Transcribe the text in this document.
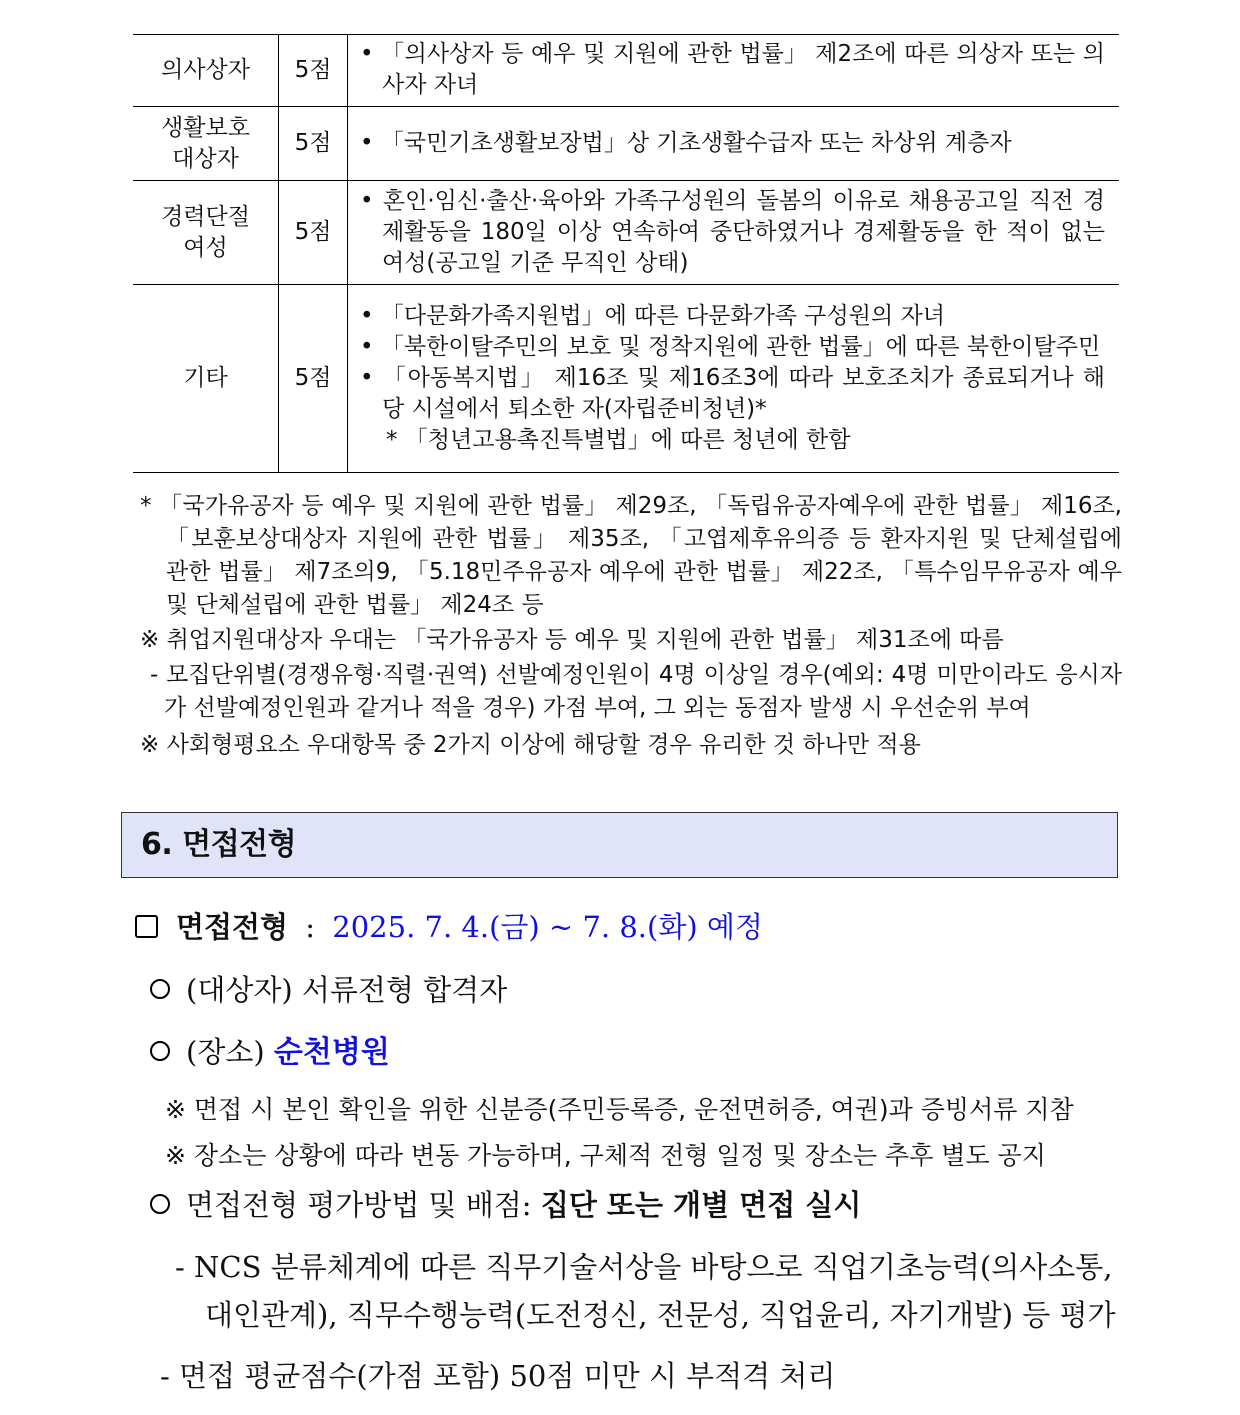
의사상자	5점	• 「의사상자 등 예우 및 지원에 관한 법률」 제2조에 따른 의상자 또는 의사자 자녀

생활보호
대상자	5점	• 「국민기초생활보장법」상 기초생활수급자 또는 차상위 계층자

경력단절
여성	5점	• 혼인·임신·출산·육아와 가족구성원의 돌봄의 이유로 채용공고일 직전 경제활동을 180일 이상 연속하여 중단하였거나 경제활동을 한 적이 없는 여성(공고일 기준 무직인 상태)

기타	5점	• 「다문화가족지원법」에 따른 다문화가족 구성원의 자녀
• 「북한이탈주민의 보호 및 정착지원에 관한 법률」에 따른 북한이탈주민
• 「아동복지법」 제16조 및 제16조3에 따라 보호조치가 종료되거나 해당 시설에서 퇴소한 자(자립준비청년)*
* 「청년고용촉진특별법」에 따른 청년에 한함

* 「국가유공자 등 예우 및 지원에 관한 법률」 제29조, 「독립유공자예우에 관한 법률」 제16조, 「보훈보상대상자 지원에 관한 법률」 제35조, 「고엽제후유의증 등 환자지원 및 단체설립에 관한 법률」 제7조의9, 「5.18민주유공자 예우에 관한 법률」 제22조, 「특수임무유공자 예우 및 단체설립에 관한 법률」 제24조 등

※ 취업지원대상자 우대는 「국가유공자 등 예우 및 지원에 관한 법률」 제31조에 따름

- 모집단위별(경쟁유형·직렬·권역) 선발예정인원이 4명 이상일 경우(예외: 4명 미만이라도 응시자가 선발예정인원과 같거나 적을 경우) 가점 부여, 그 외는 동점자 발생 시 우선순위 부여

※ 사회형평요소 우대항목 중 2가지 이상에 해당할 경우 유리한 것 하나만 적용

6. 면접전형
면접전형 : 2025. 7. 4.(금) ~ 7. 8.(화) 예정
(대상자) 서류전형 합격자
(장소) 순천병원
※ 면접 시 본인 확인을 위한 신분증(주민등록증, 운전면허증, 여권)과 증빙서류 지참
※ 장소는 상황에 따라 변동 가능하며, 구체적 전형 일정 및 장소는 추후 별도 공지
면접전형 평가방법 및 배점: 집단 또는 개별 면접 실시
- NCS 분류체계에 따른 직무기술서상을 바탕으로 직업기초능력(의사소통,
대인관계), 직무수행능력(도전정신, 전문성, 직업윤리, 자기개발) 등 평가
- 면접 평균점수(가점 포함) 50점 미만 시 부적격 처리
